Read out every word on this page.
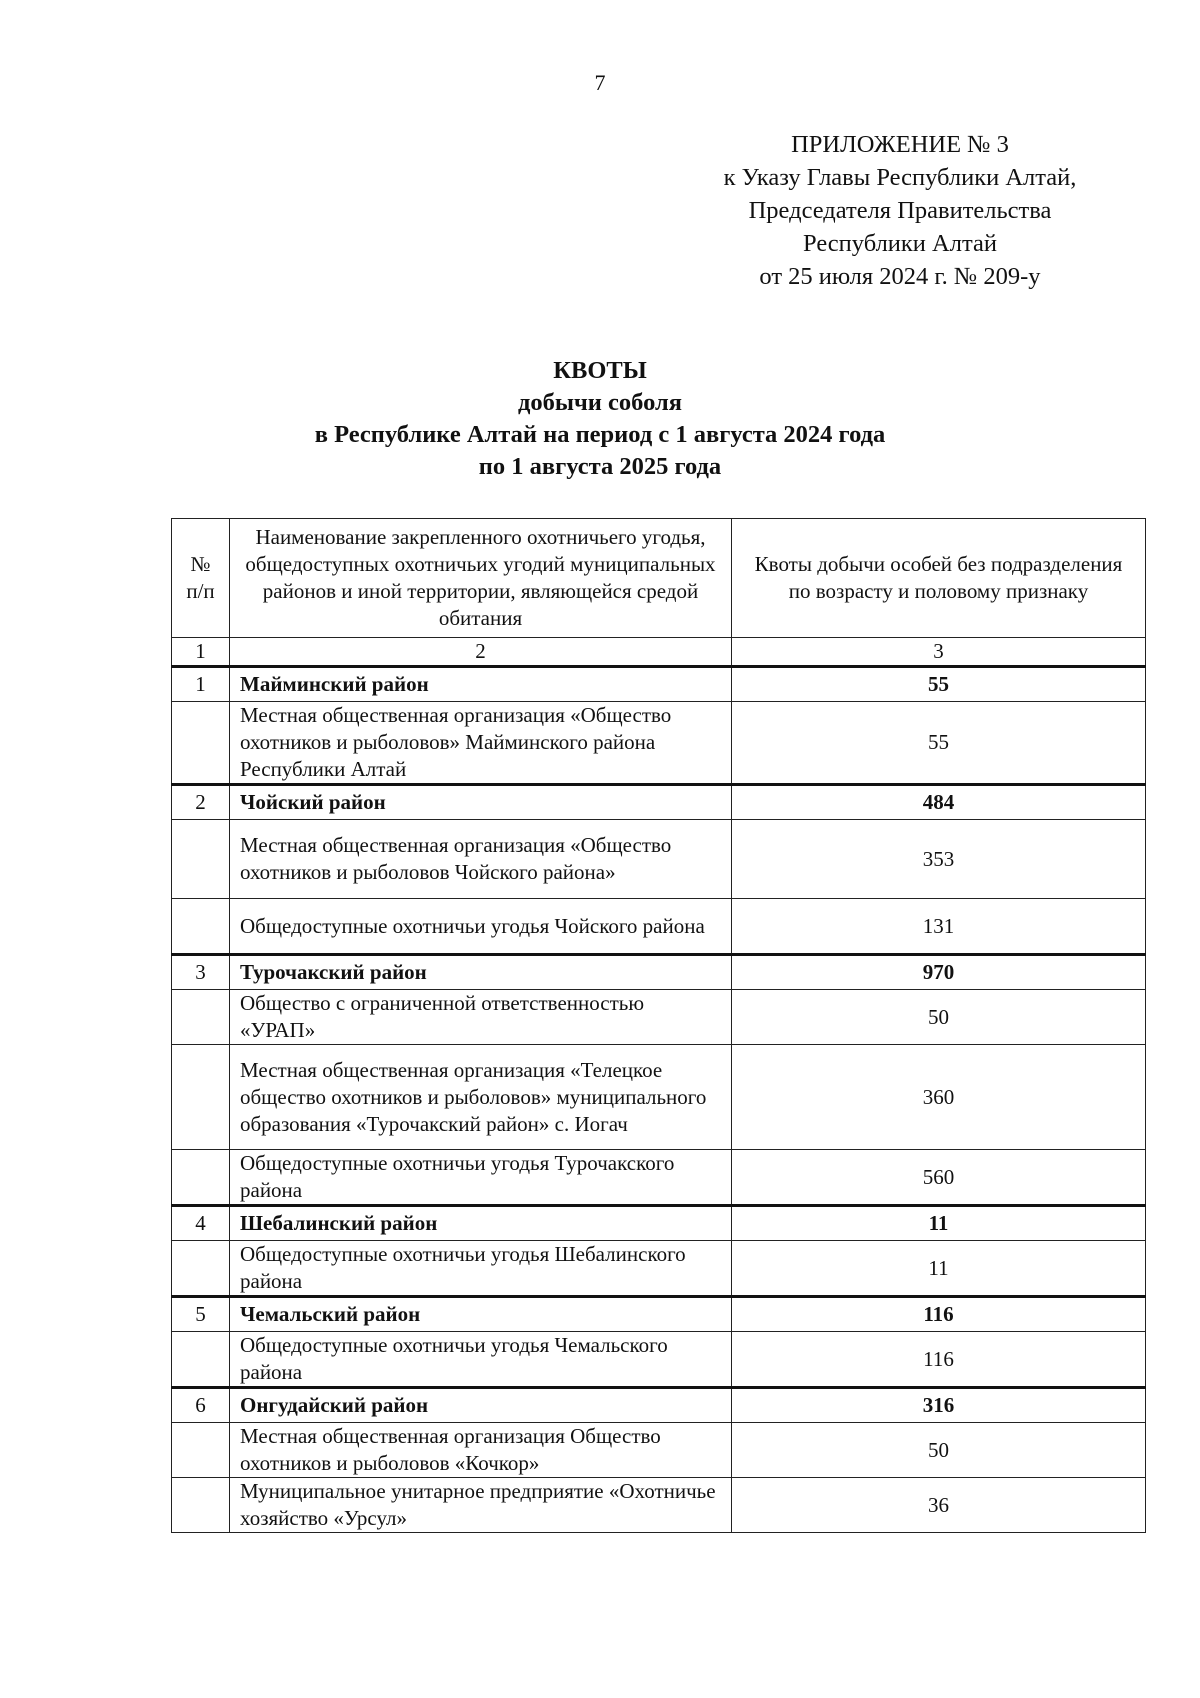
7
ПРИЛОЖЕНИЕ № 3
к Указу Главы Республики Алтай,
Председателя Правительства
Республики Алтай
от 25 июля 2024 г. № 209-у
КВОТЫ
добычи соболя
в Республике Алтай на период с 1 августа 2024 года
по 1 августа 2025 года
№ п/п	Наименование закрепленного охотничьего угодья, общедоступных охотничьих угодий муниципальных районов и иной территории, являющейся средой обитания	Квоты добычи особей без подразделения по возрасту и половому признаку
1	2	3
1	Майминский район	55
	Местная общественная организация «Общество охотников и рыболовов» Майминского района Республики Алтай	55
2	Чойский район	484
	Местная общественная организация «Общество охотников и рыболовов Чойского района»	353
	Общедоступные охотничьи угодья Чойского района	131
3	Турочакский район	970
	Общество с ограниченной ответственностью «УРАП»	50
	Местная общественная организация «Телецкое общество охотников и рыболовов» муниципального образования «Турочакский район» с. Иогач	360
	Общедоступные охотничьи угодья Турочакского района	560
4	Шебалинский район	11
	Общедоступные охотничьи угодья Шебалинского района	11
5	Чемальский район	116
	Общедоступные охотничьи угодья Чемальского района	116
6	Онгудайский район	316
	Местная общественная организация Общество охотников и рыболовов «Кочкор»	50
	Муниципальное унитарное предприятие «Охотничье хозяйство «Урсул»	36
